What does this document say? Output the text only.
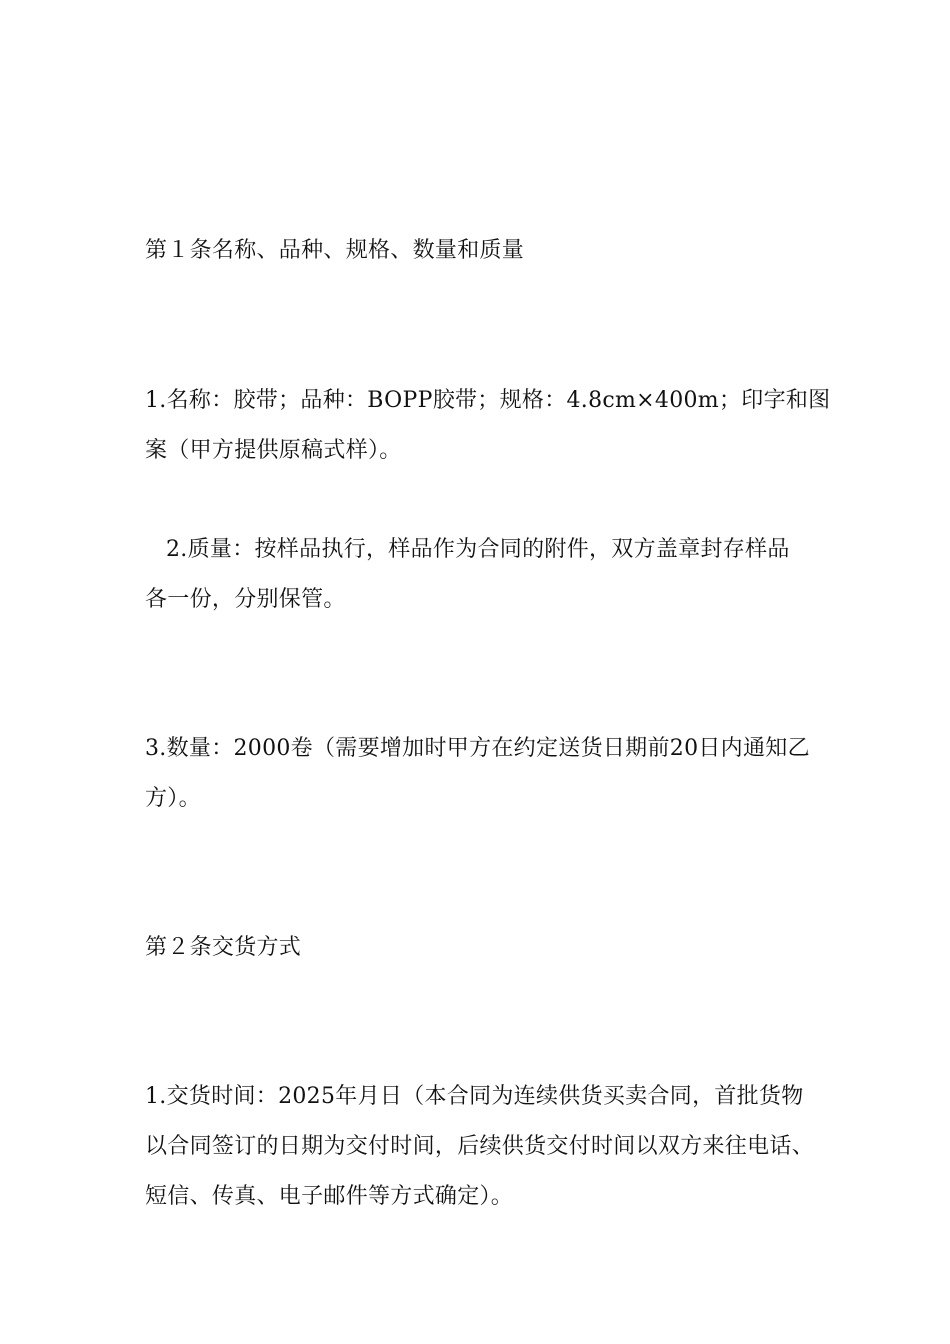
第１条名称、品种、规格、数量和质量
1.名称：胶带；品种：BOPP胶带；规格：4.8cm×400m；印字和图
案（甲方提供原稿式样）。
2.质量：按样品执行，样品作为合同的附件，双方盖章封存样品
各一份，分别保管。
3.数量：2000卷（需要增加时甲方在约定送货日期前20日内通知乙
方）。
第２条交货方式
1.交货时间：2025年月日（本合同为连续供货买卖合同，首批货物
以合同签订的日期为交付时间，后续供货交付时间以双方来往电话、
短信、传真、电子邮件等方式确定）。
